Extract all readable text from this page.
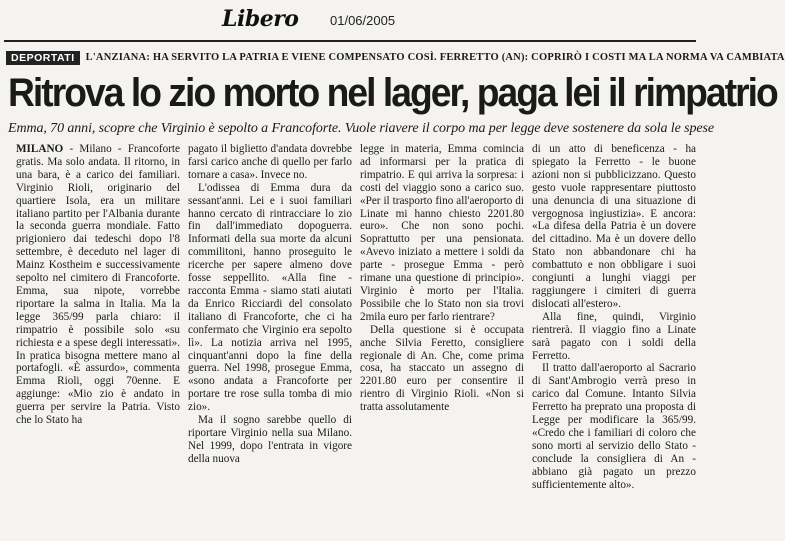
Libero 01/06/2005
DEPORTATI L'ANZIANA: HA SERVITO LA PATRIA E VIENE COMPENSATO COSÌ. FERRETTO (AN): COPRIRÒ I COSTI MA LA NORMA VA CAMBIATA
Ritrova lo zio morto nel lager, paga lei il rimpatrio
Emma, 70 anni, scopre che Virginio è sepolto a Francoforte. Vuole riavere il corpo ma per legge deve sostenere da sola le spese

MILANO - Milano - Francoforte gratis. Ma solo andata. Il ritorno, in una bara, è a carico dei familiari. Virginio Rioli, originario del quartiere Isola, era un militare italiano partito per l'Albania durante la seconda guerra mondiale. Fatto prigioniero dai tedeschi dopo l'8 settembre, è deceduto nel lager di Mainz Kostheim e successivamente sepolto nel cimitero di Francoforte. Emma, sua nipote, vorrebbe riportare la salma in Italia. Ma la legge 365/99 parla chiaro: il rimpatrio è possibile solo «su richiesta e a spese degli interessati». In pratica bisogna mettere mano al portafogli. «È assurdo», commenta Emma Rioli, oggi 70enne. E aggiunge: «Mio zio è andato in guerra per servire la Patria. Visto che lo Stato ha

pagato il biglietto d'andata dovrebbe farsi carico anche di quello per farlo tornare a casa». Invece no.

L'odissea di Emma dura da sessant'anni. Lei e i suoi familiari hanno cercato di rintracciare lo zio fin dall'immediato dopoguerra. Informati della sua morte da alcuni commilitoni, hanno proseguito le ricerche per sapere almeno dove fosse seppellito. «Alla fine - racconta Emma - siamo stati aiutati da Enrico Ricciardi del consolato italiano di Francoforte, che ci ha confermato che Virginio era sepolto lì». La notizia arriva nel 1995, cinquant'anni dopo la fine della guerra. Nel 1998, prosegue Emma, «sono andata a Francoforte per portare tre rose sulla tomba di mio zio».

Ma il sogno sarebbe quello di riportare Virginio nella sua Milano. Nel 1999, dopo l'entrata in vigore della nuova

legge in materia, Emma comincia ad informarsi per la pratica di rimpatrio. E qui arriva la sorpresa: i costi del viaggio sono a carico suo. «Per il trasporto fino all'aeroporto di Linate mi hanno chiesto 2201.80 euro». Che non sono pochi. Soprattutto per una pensionata. «Avevo iniziato a mettere i soldi da parte - prosegue Emma - però rimane una questione di principio». Virginio è morto per l'Italia. Possibile che lo Stato non sia trovi 2mila euro per farlo rientrare?

Della questione si è occupata anche Silvia Feretto, consigliere regionale di An. Che, come prima cosa, ha staccato un assegno di 2201.80 euro per consentire il rientro di Virginio Rioli. «Non si tratta assolutamente

di un atto di beneficenza - ha spiegato la Ferretto - le buone azioni non si pubblicizzano. Questo gesto vuole rappresentare piuttosto una denuncia di una situazione di vergognosa ingiustizia». E ancora: «La difesa della Patria è un dovere del cittadino. Ma è un dovere dello Stato non abbandonare chi ha combattuto e non obbligare i suoi congiunti a lunghi viaggi per raggiungere i cimiteri di guerra dislocati all'estero».

Alla fine, quindi, Virginio rientrerà. Il viaggio fino a Linate sarà pagato con i soldi della Ferretto.

Il tratto dall'aeroporto al Sacrario di Sant'Ambrogio verrà preso in carico dal Comune. Intanto Silvia Ferretto ha preprato una proposta di Legge per modificare la 365/99. «Credo che i familiari di coloro che sono morti al servizio dello Stato - conclude la consigliera di An - abbiano già pagato un prezzo sufficientemente alto».
